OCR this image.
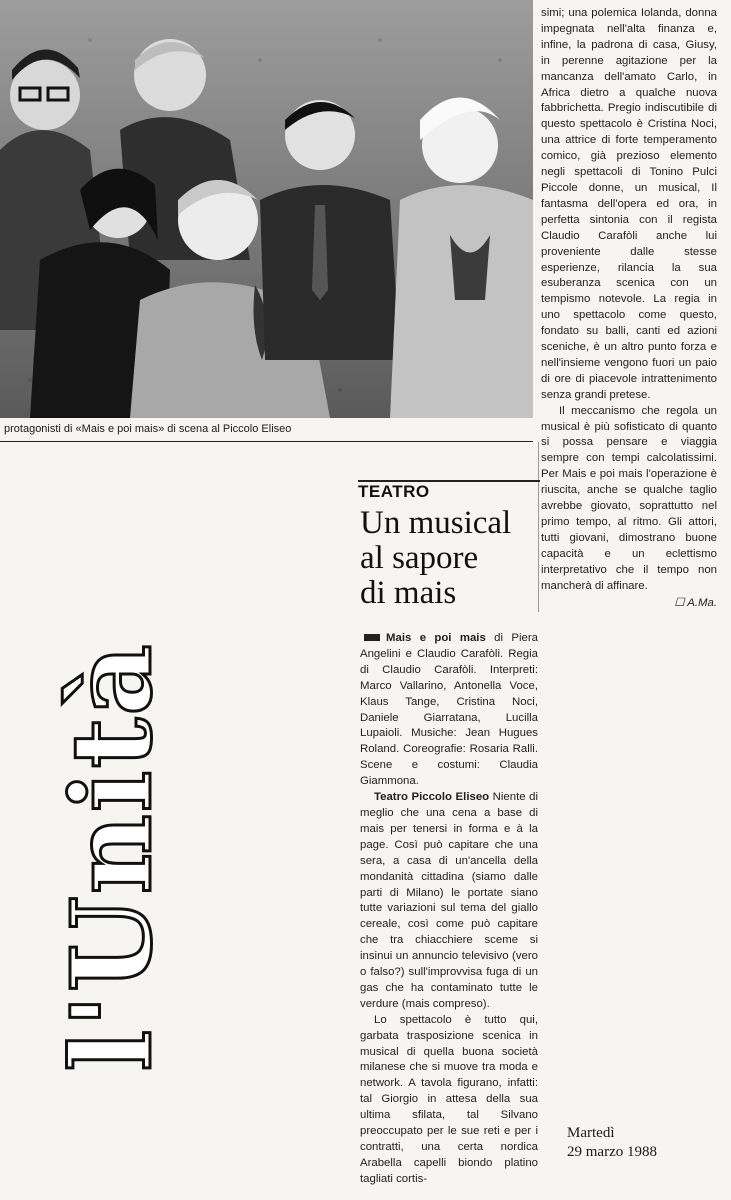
protagonisti di «Mais e poi mais» di scena al Piccolo Eliseo

simi; una polemica Iolanda, donna impegnata nell'alta finanza e, infine, la padrona di casa, Giusy, in perenne agitazione per la mancanza dell'amato Carlo, in Africa dietro a qualche nuova fabbrichetta. Pregio indiscutibile di questo spettacolo è Cristina Noci, una attrice di forte temperamento comico, già prezioso elemento negli spettacoli di Tonino Pulci Piccole donne, un musical, Il fantasma dell'opera ed ora, in perfetta sintonia con il regista Claudio Carafòli anche lui proveniente dalle stesse esperienze, rilancia la sua esuberanza scenica con un tempismo notevole. La regia in uno spettacolo come questo, fondato su balli, canti ed azioni sceniche, è un altro punto forza e nell'insieme vengono fuori un paio di ore di piacevole intrattenimento senza grandi pretese.

Il meccanismo che regola un musical è più sofisticato di quanto si possa pensare e viaggia sempre con tempi calcolatissimi. Per Mais e poi mais l'operazione è riuscita, anche se qualche taglio avrebbe giovato, soprattutto nel primo tempo, al ritmo. Gli attori, tutti giovani, dimostrano buone capacità e un eclettismo interpretativo che il tempo non mancherà di affinare.

☐ A.Ma.

l'Unità
TEATRO
Un musical
al sapore
di mais

Mais e poi mais di Piera Angelini e Claudio Carafòli. Regia di Claudio Carafòli. Interpreti: Marco Vallarino, Antonella Voce, Klaus Tange, Cristina Noci, Daniele Giarratana, Lucilla Lupaioli. Musiche: Jean Hugues Roland. Coreografie: Rosaria Ralli. Scene e costumi: Claudia Giammona.

Teatro Piccolo Eliseo Niente di meglio che una cena a base di mais per tenersi in forma e à la page. Così può capitare che una sera, a casa di un'ancella della mondanità cittadina (siamo dalle parti di Milano) le portate siano tutte variazioni sul tema del giallo cereale, così come può capitare che tra chiacchiere sceme si insinui un annuncio televisivo (vero o falso?) sull'improvvisa fuga di un gas che ha contaminato tutte le verdure (mais compreso).

Lo spettacolo è tutto qui, garbata trasposizione scenica in musical di quella buona società milanese che si muove tra moda e network. A tavola figurano, infatti: tal Giorgio in attesa della sua ultima sfilata, tal Silvano preoccupato per le sue reti e per i contratti, una certa nordica Arabella capelli biondo platino tagliati cortis-

Martedì
29 marzo 1988
